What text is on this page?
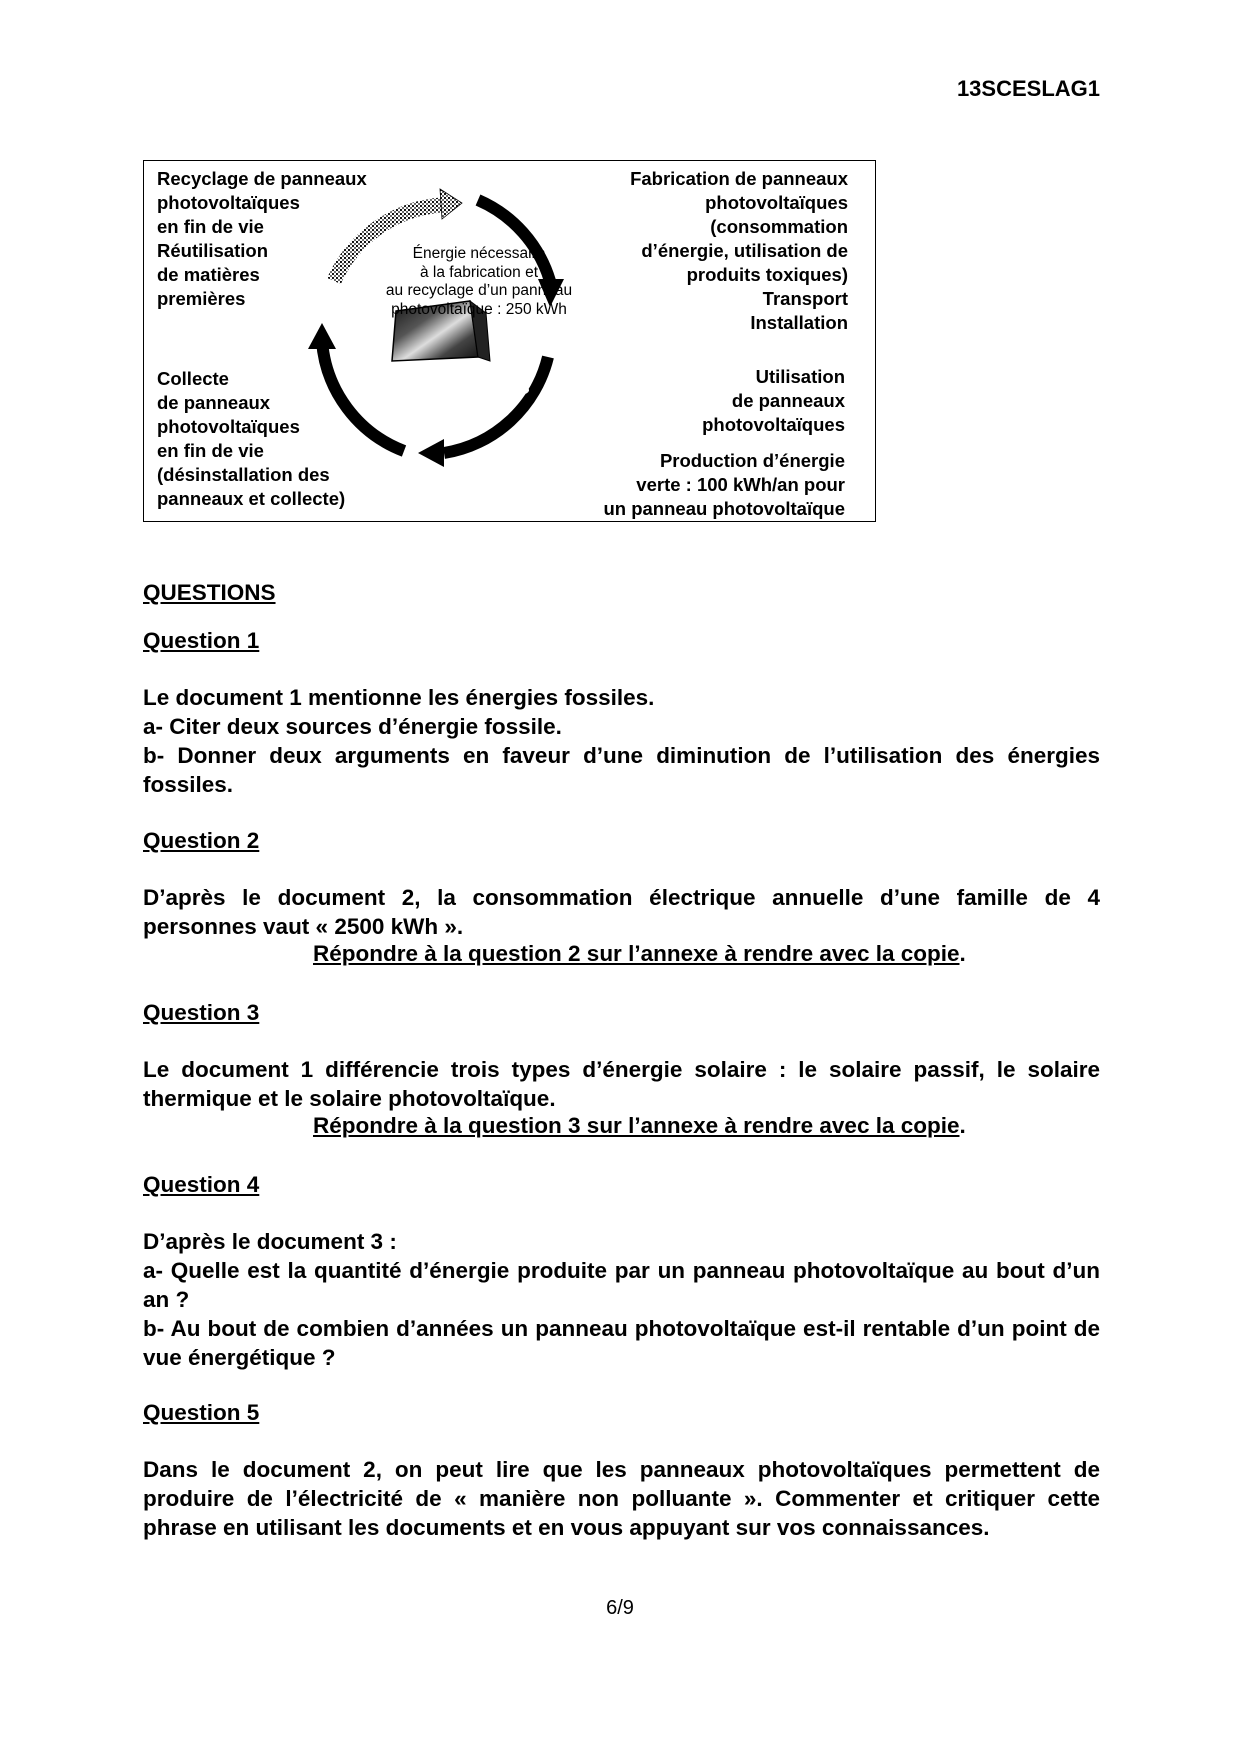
13SCESLAG1
25 ans
Recyclage de panneaux
photovoltaïques
en fin de vie
Réutilisation
de matières
premières
Fabrication de panneaux
photovoltaïques
(consommation
d’énergie, utilisation de
produits toxiques)
Transport
Installation
Collecte
de panneaux
photovoltaïques
en fin de vie
(désinstallation des
panneaux et collecte)
Utilisation
de panneaux
photovoltaïques
Production d’énergie
verte : 100 kWh/an pour
un panneau photovoltaïque
Énergie nécessaire
à la fabrication et
au recyclage d’un panneau
photovoltaïque : 250 kWh

QUESTIONS

Question 1

Le document 1 mentionne les énergies fossiles.

a- Citer deux sources d’énergie fossile.

b- Donner deux arguments en faveur d’une diminution de l’utilisation des énergies fossiles.

Question 2

D’après le document 2, la consommation électrique annuelle d’une famille de 4 personnes vaut « 2500 kWh ».

Répondre à la question 2 sur l’annexe à rendre avec la copie.

Question 3

Le document 1 différencie trois types d’énergie solaire : le solaire passif, le solaire thermique et le solaire photovoltaïque.

Répondre à la question 3 sur l’annexe à rendre avec la copie.

Question 4

D’après le document 3 :

a- Quelle est la quantité d’énergie produite par un panneau photovoltaïque au bout d’un an ?

b- Au bout de combien d’années un panneau photovoltaïque est-il rentable d’un point de vue énergétique ?

Question 5

Dans le document 2, on peut lire que les panneaux photovoltaïques permettent de produire de l’électricité de « manière non polluante ». Commenter et critiquer cette phrase en utilisant les documents et en vous appuyant sur vos connaissances.

6/9
